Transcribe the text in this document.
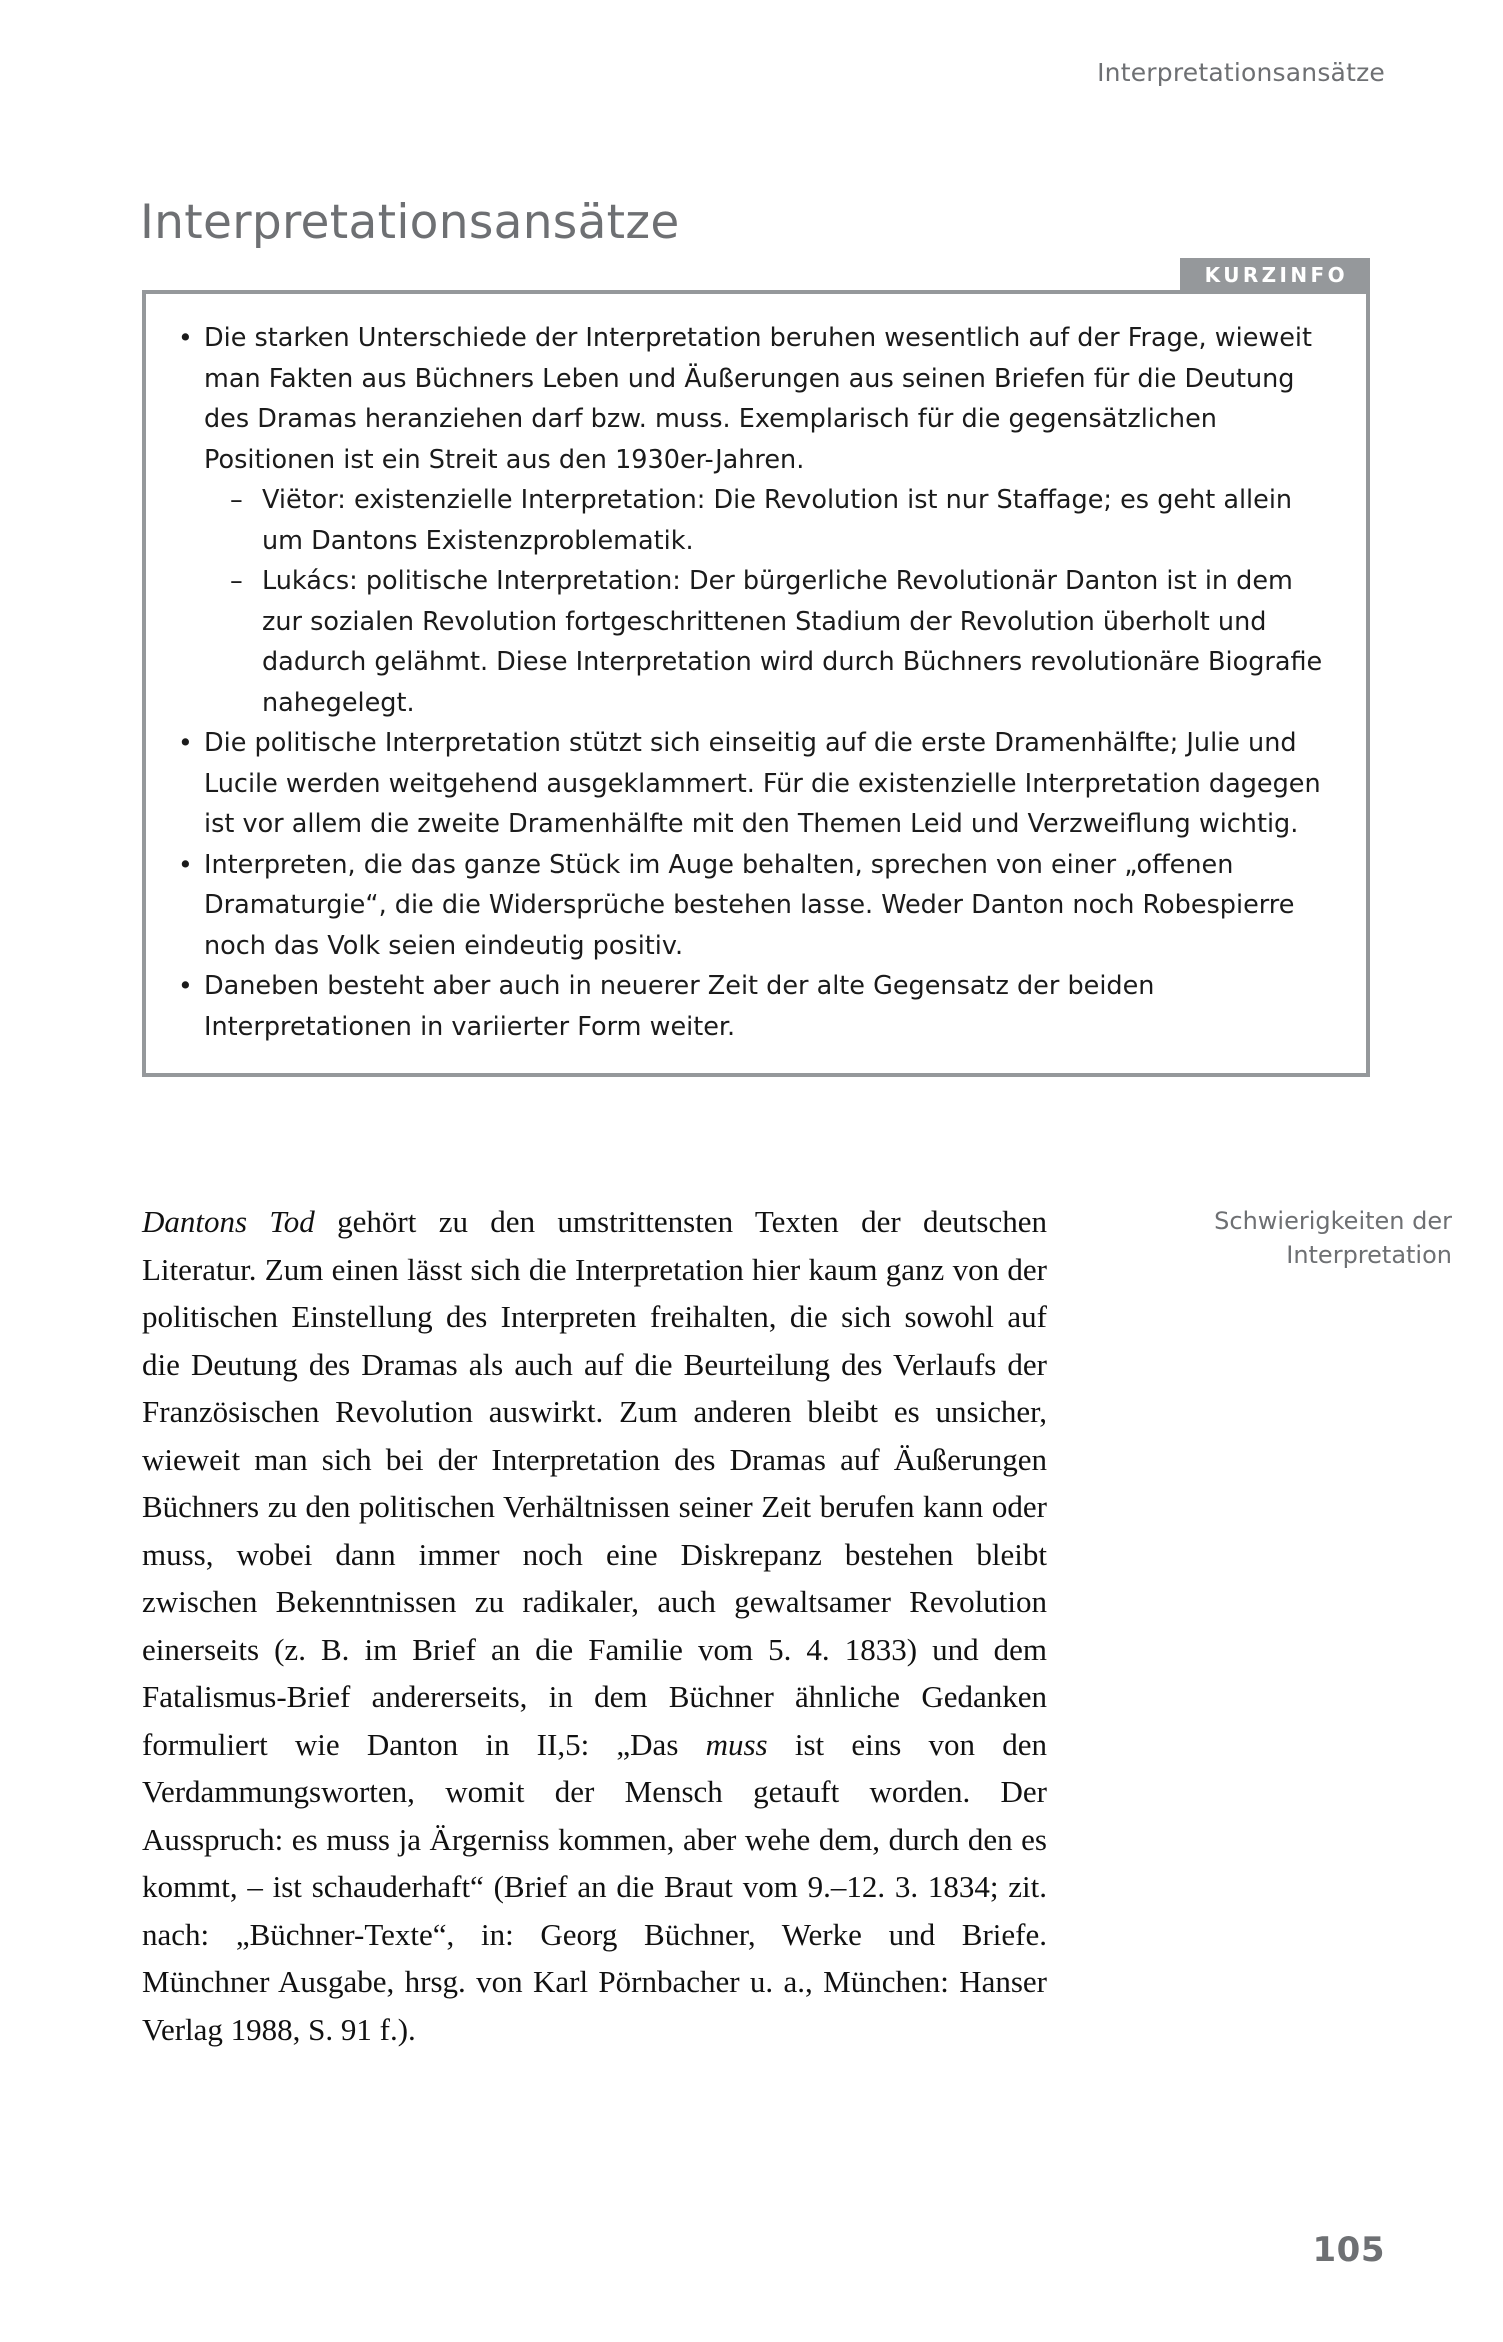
Interpretationsansätze
Interpretationsansätze
KURZINFO
• Die starken Unterschiede der Interpretation beruhen wesentlich auf der Frage, wieweit man Fakten aus Büchners Leben und Äußerungen aus seinen Briefen für die Deutung des Dramas heranziehen darf bzw. muss. Exemplarisch für die gegensätzlichen Positionen ist ein Streit aus den 1930er-Jahren.
– Viëtor: existenzielle Interpretation: Die Revolution ist nur Staffage; es geht allein um Dantons Existenzproblematik.
– Lukács: politische Interpretation: Der bürgerliche Revolutionär Danton ist in dem zur sozialen Revolution fortgeschrittenen Stadium der Revolution überholt und dadurch gelähmt. Diese Interpretation wird durch Büchners revolutionäre Biografie nahegelegt.
• Die politische Interpretation stützt sich einseitig auf die erste Dramenhälfte; Julie und Lucile werden weitgehend ausgeklammert. Für die existenzielle Interpretation dagegen ist vor allem die zweite Dramenhälfte mit den Themen Leid und Verzweiflung wichtig.
• Interpreten, die das ganze Stück im Auge behalten, sprechen von einer „offenen Dramaturgie“, die die Widersprüche bestehen lasse. Weder Danton noch Robespierre noch das Volk seien eindeutig positiv.
• Daneben besteht aber auch in neuerer Zeit der alte Gegensatz der beiden Interpretationen in variierter Form weiter.

Dantons Tod gehört zu den umstrittensten Texten der deutschen Literatur. Zum einen lässt sich die Interpretation hier kaum ganz von der politischen Einstellung des Interpreten freihalten, die sich sowohl auf die Deutung des Dramas als auch auf die Beurteilung des Verlaufs der Französischen Revolution auswirkt. Zum anderen bleibt es unsicher, wieweit man sich bei der Interpretation des Dramas auf Äußerungen Büchners zu den politischen Verhältnissen seiner Zeit berufen kann oder muss, wobei dann immer noch eine Diskrepanz bestehen bleibt zwischen Bekenntnissen zu radikaler, auch gewaltsamer Revolution einerseits (z. B. im Brief an die Familie vom 5. 4. 1833) und dem Fatalismus-Brief andererseits, in dem Büchner ähnliche Gedanken formuliert wie Danton in II,5: „Das muss ist eins von den Verdammungsworten, womit der Mensch getauft worden. Der Ausspruch: es muss ja Ärgerniss kommen, aber wehe dem, durch den es kommt, – ist schauderhaft“ (Brief an die Braut vom 9.–12. 3. 1834; zit. nach: „Büchner-Texte“, in: Georg Büchner, Werke und Briefe. Münchner Ausgabe, hrsg. von Karl Pörnbacher u. a., München: Hanser Verlag 1988, S. 91 f.).

Schwierigkeiten der Interpretation
105
